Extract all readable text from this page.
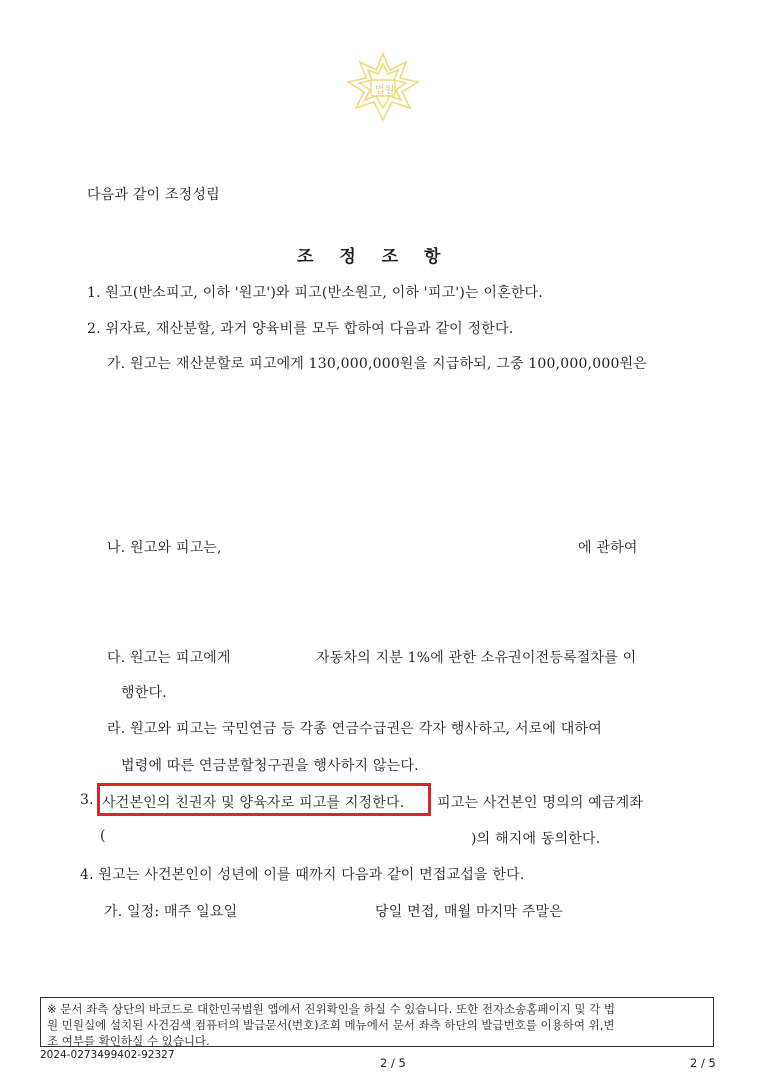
법원
다음과 같이 조정성립
조 정 조 항
1. 원고(반소피고, 이하 '원고')와 피고(반소원고, 이하 '피고')는 이혼한다.
2. 위자료, 재산분할, 과거 양육비를 모두 합하여 다음과 같이 정한다.
가. 원고는 재산분할로 피고에게 130,000,000원을 지급하되, 그중 100,000,000원은
나. 원고와 피고는,	에 관하여
다. 원고는 피고에게	자동차의 지분 1%에 관한 소유권이전등록절차를 이
행한다.
라. 원고와 피고는 국민연금 등 각종 연금수급권은 각자 행사하고, 서로에 대하여
법령에 따른 연금분할청구권을 행사하지 않는다.
3. 사건본인의 친권자 및 양육자로 피고를 지정한다. 피고는 사건본인 명의의 예금계좌
(	)의 해지에 동의한다.
4. 원고는 사건본인이 성년에 이를 때까지 다음과 같이 면접교섭을 한다.
가. 일정: 매주 일요일	당일 면접, 매월 마지막 주말은
※ 문서 좌측 상단의 바코드로 대한민국법원 앱에서 진위확인을 하실 수 있습니다. 또한 전자소송홈페이지 및 각 법
원 민원실에 설치된 사건검색 컴퓨터의 발급문서(번호)조회 메뉴에서 문서 좌측 하단의 발급번호를 이용하여 위,변
조 여부를 확인하실 수 있습니다.
2024-0273499402-92327
2 / 5	2 / 5
